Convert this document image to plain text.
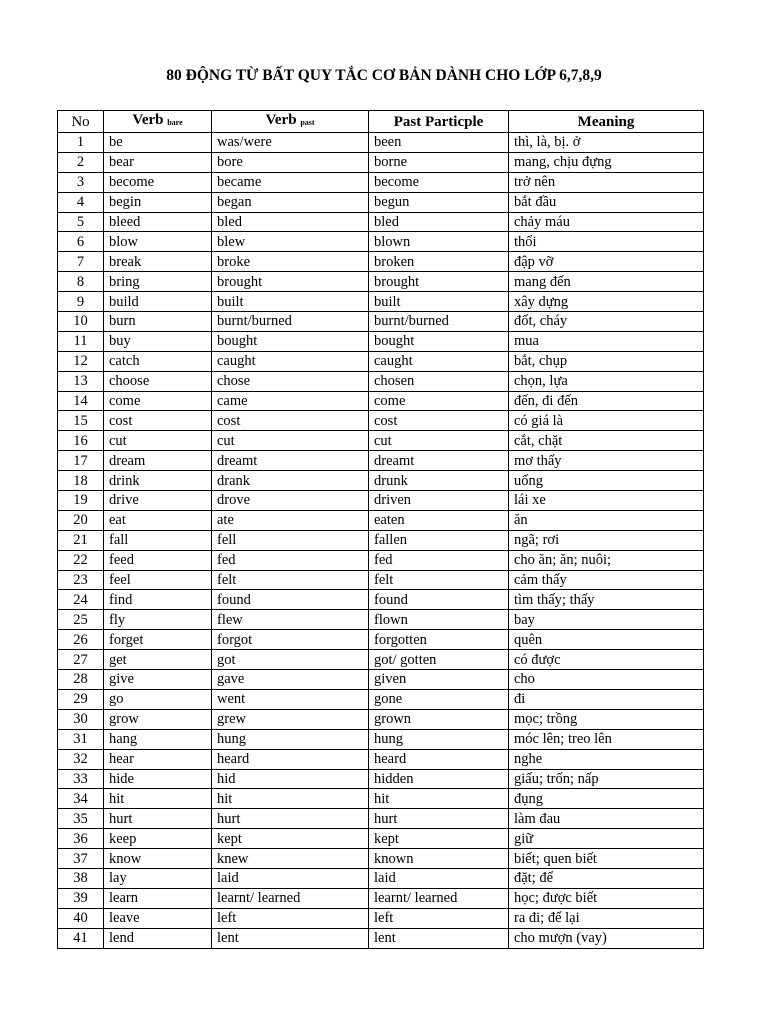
80 ĐỘNG TỪ BẤT QUY TẮC CƠ BẢN DÀNH CHO LỚP 6,7,8,9
No	Verb $_{bare}$	Verb $_{past}$	Past Particple	Meaning
1	be	was/were	been	thì, là, bị. ở
2	bear	bore	borne	mang, chịu đựng
3	become	became	become	trở nên
4	begin	began	begun	bắt đầu
5	bleed	bled	bled	chảy máu
6	blow	blew	blown	thổi
7	break	broke	broken	đập vỡ
8	bring	brought	brought	mang đến
9	build	built	built	xây dựng
10	burn	burnt/burned	burnt/burned	đốt, cháy
11	buy	bought	bought	mua
12	catch	caught	caught	bắt, chụp
13	choose	chose	chosen	chọn, lựa
14	come	came	come	đến, đi đến
15	cost	cost	cost	có giá là
16	cut	cut	cut	cắt, chặt
17	dream	dreamt	dreamt	mơ thấy
18	drink	drank	drunk	uống
19	drive	drove	driven	lái xe
20	eat	ate	eaten	ăn
21	fall	fell	fallen	ngã; rơi
22	feed	fed	fed	cho ăn; ăn; nuôi;
23	feel	felt	felt	cảm thấy
24	find	found	found	tìm thấy; thấy
25	fly	flew	flown	bay
26	forget	forgot	forgotten	quên
27	get	got	got/ gotten	có được
28	give	gave	given	cho
29	go	went	gone	đi
30	grow	grew	grown	mọc; trồng
31	hang	hung	hung	móc lên; treo lên
32	hear	heard	heard	nghe
33	hide	hid	hidden	giấu; trốn; nấp
34	hit	hit	hit	đụng
35	hurt	hurt	hurt	làm đau
36	keep	kept	kept	giữ
37	know	knew	known	biết; quen biết
38	lay	laid	laid	đặt; để
39	learn	learnt/ learned	learnt/ learned	học; được biết
40	leave	left	left	ra đi; để lại
41	lend	lent	lent	cho mượn (vay)
